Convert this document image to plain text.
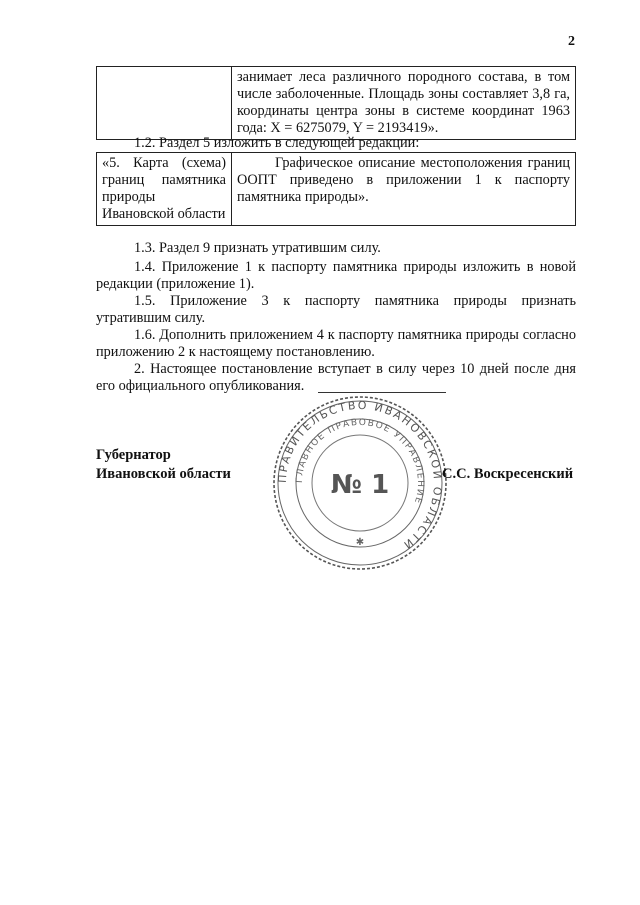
2
	занимает леса различного породного состава, в том числе заболоченные. Площадь зоны составляет 3,8 га, координаты центра зоны в системе координат 1963 года: X = 6275079, Y = 2193419».
1.2. Раздел 5 изложить в следующей редакции:
«5. Карта (схема) границ памятника природы Ивановской области	Графическое описание местоположения границ ООПТ приведено в приложении 1 к паспорту памятника природы».
1.3. Раздел 9 признать утратившим силу.
1.4. Приложение 1 к паспорту памятника природы изложить в новой редакции (приложение 1).
1.5. Приложение 3 к паспорту памятника природы признать утратившим силу.
1.6. Дополнить приложением 4 к паспорту памятника природы согласно приложению 2 к настоящему постановлению.
2. Настоящее постановление вступает в силу через 10 дней после дня его официального опубликования.
ПРАВИТЕЛЬСТВО ИВАНОВСКОЙ ОБЛАСТИ
ГЛАВНОЕ ПРАВОВОЕ УПРАВЛЕНИЕ
№ 1
✱
Губернатор
Ивановской области	С.С. Воскресенский
